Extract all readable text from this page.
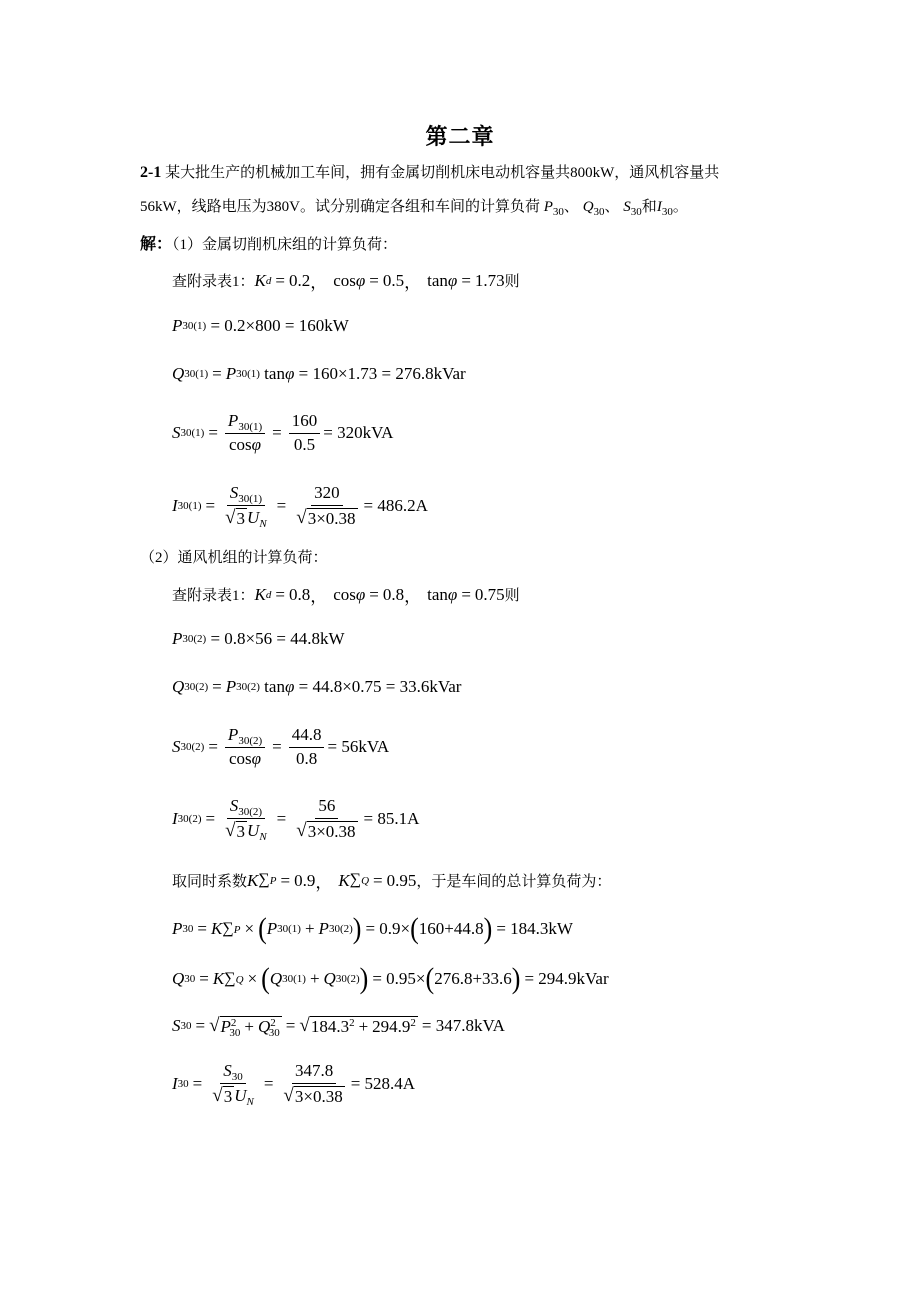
第二章
2-1 某大批生产的机械加工车间，拥有金属切削机床电动机容量共800kW，通风机容量共
56kW，线路电压为380V。试分别确定各组和车间的计算负荷 $P_{30}$、 $Q_{30}$、 $S_{30}$和$I_{30}$。
解：（1）金属切削机床组的计算负荷：
查附录表1： K d = 0.2 ， cosφ = 0.5 ， tanφ = 1.73 则
P 30(1)
= 0.2×800 = 160kW
Q 30(1) = P 30(1) tan φ
= 160×1.73 = 276.8kVar
S $30(1) = \frac{P_{30(1)}}{\cos\varphi} = \frac{160}{0.5} = 320kVA$
I $30(1) = \frac{S_{30(1)}}{√ 3 U_N} = \frac{320}{√ 3\times 0.38} = 486.2A$
（2）通风机组的计算负荷：
查附录表1： K d = 0.8 ， cosφ = 0.8 ， tanφ = 0.75 则
P 30(2)
= 0.8×56 = 44.8kW
Q 30(2) = P 30(2) tan φ
= 44.8×0.75 = 33.6kVar
S $30(2) = \frac{P_{30(2)}}{\cos\varphi} = \frac{44.8}{0.8} = 56kVA$
I $30(2) = \frac{S_{30(2)}}{√ 3 U_N} = \frac{56}{√ 3\times 0.38} = 85.1A$
取同时系数 K ∑P = 0.9 ， K ∑Q = 0.95 ，于是车间的总计算负荷为：
P 30 = K ∑P × ( P 30(1) + P 30(2) ) = 0.9× ( 160+44.8 ) = 184.3kW
Q 30 = K ∑Q × ( Q 30(1) + Q 30(2) ) = 0.95× ( 276.8+33.6 ) = 294.9kVar
S 30 = √ $P^2_{30} + Q^2_{30}$ = √ $184.3^2 + 294.9^2 = 347.8kVA$
I $30 = \frac{S_{30}}{√ 3 U_N} = \frac{347.8}{√ 3\times 0.38} = 528.4A$
